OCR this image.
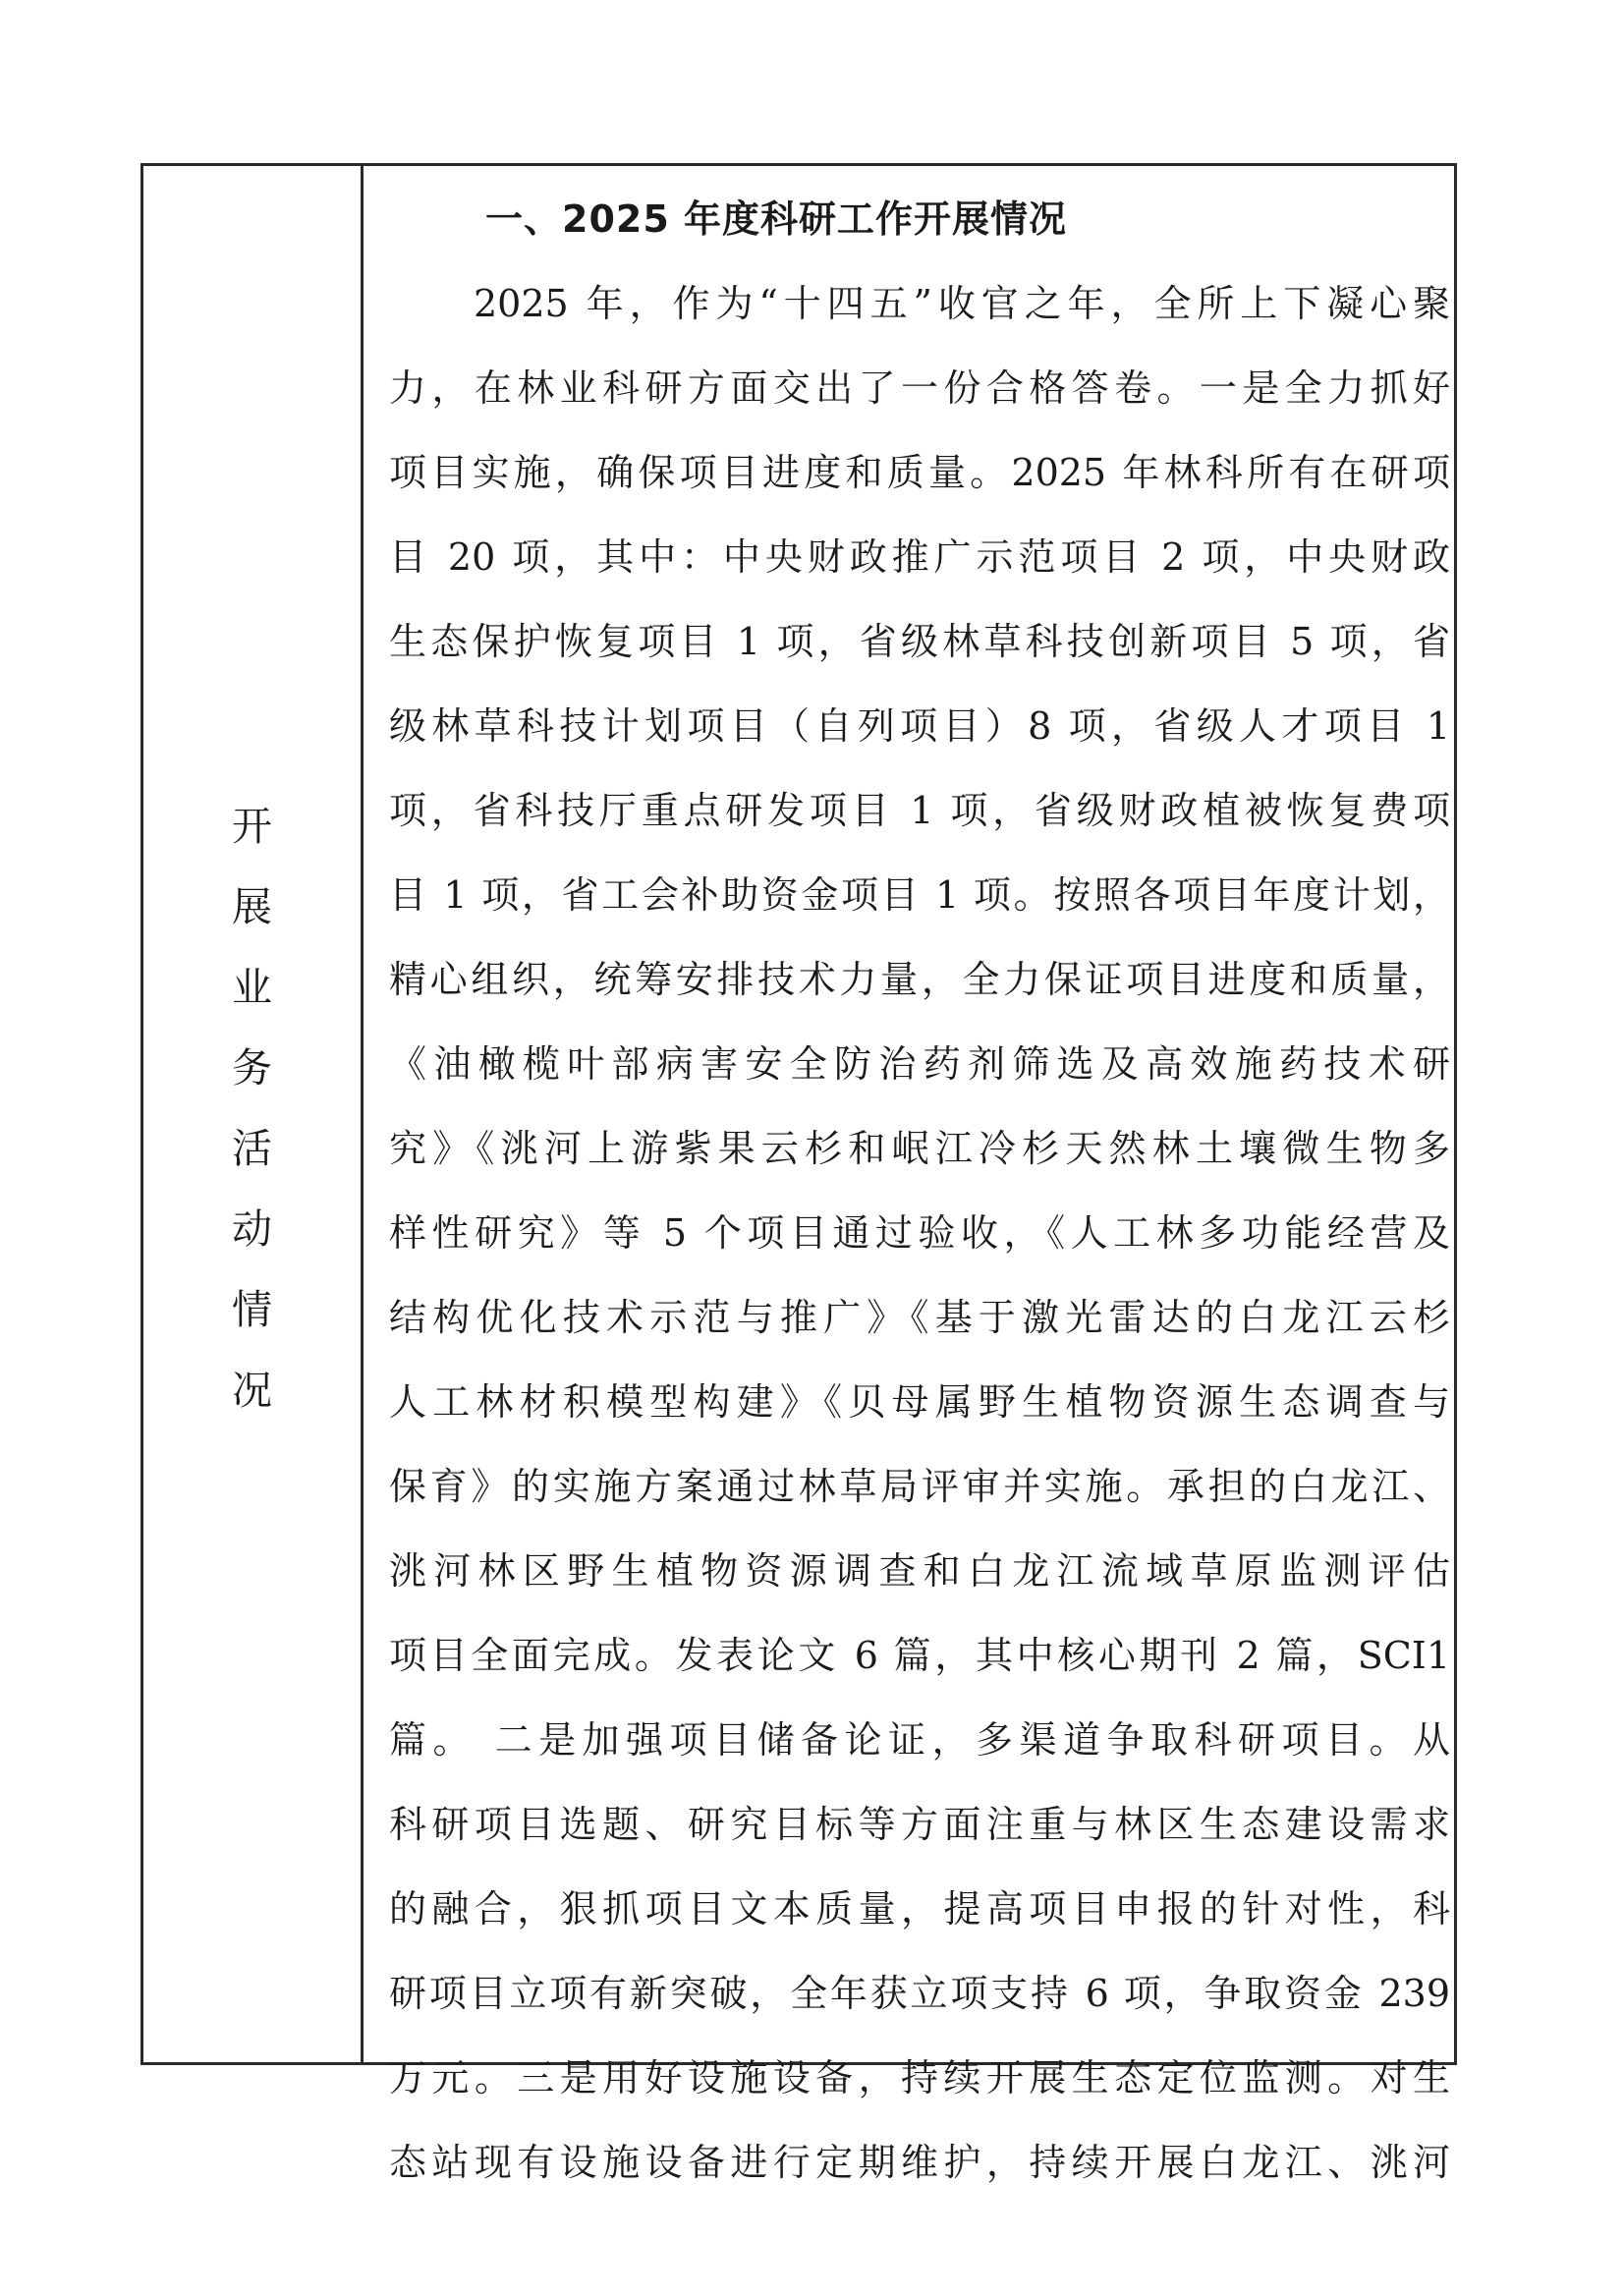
开
展
业
务
活
动
情
况
一、2025 年度科研工作开展情况
2025 年，作为“十四五”收官之年，全所上下凝心聚
力，在林业科研方面交出了一份合格答卷。一是全力抓好
项目实施，确保项目进度和质量。2025 年林科所有在研项
目 20 项，其中：中央财政推广示范项目 2 项，中央财政
生态保护恢复项目 1 项，省级林草科技创新项目 5 项，省
级林草科技计划项目（自列项目）8 项，省级人才项目 1
项，省科技厅重点研发项目 1 项，省级财政植被恢复费项
目 1 项，省工会补助资金项目 1 项。按照各项目年度计划，
精心组织，统筹安排技术力量，全力保证项目进度和质量，
《油橄榄叶部病害安全防治药剂筛选及高效施药技术研
究》《洮河上游紫果云杉和岷江冷杉天然林土壤微生物多
样性研究》等 5 个项目通过验收，《人工林多功能经营及
结构优化技术示范与推广》《基于激光雷达的白龙江云杉
人工林材积模型构建》《贝母属野生植物资源生态调查与
保育》的实施方案通过林草局评审并实施。承担的白龙江、
洮河林区野生植物资源调查和白龙江流域草原监测评估
项目全面完成。发表论文 6 篇，其中核心期刊 2 篇，SCI1
篇。 二是加强项目储备论证，多渠道争取科研项目。从
科研项目选题、研究目标等方面注重与林区生态建设需求
的融合，狠抓项目文本质量，提高项目申报的针对性，科
研项目立项有新突破，全年获立项支持 6 项，争取资金 239
万元。三是用好设施设备，持续开展生态定位监测。对生
态站现有设施设备进行定期维护，持续开展白龙江、洮河
